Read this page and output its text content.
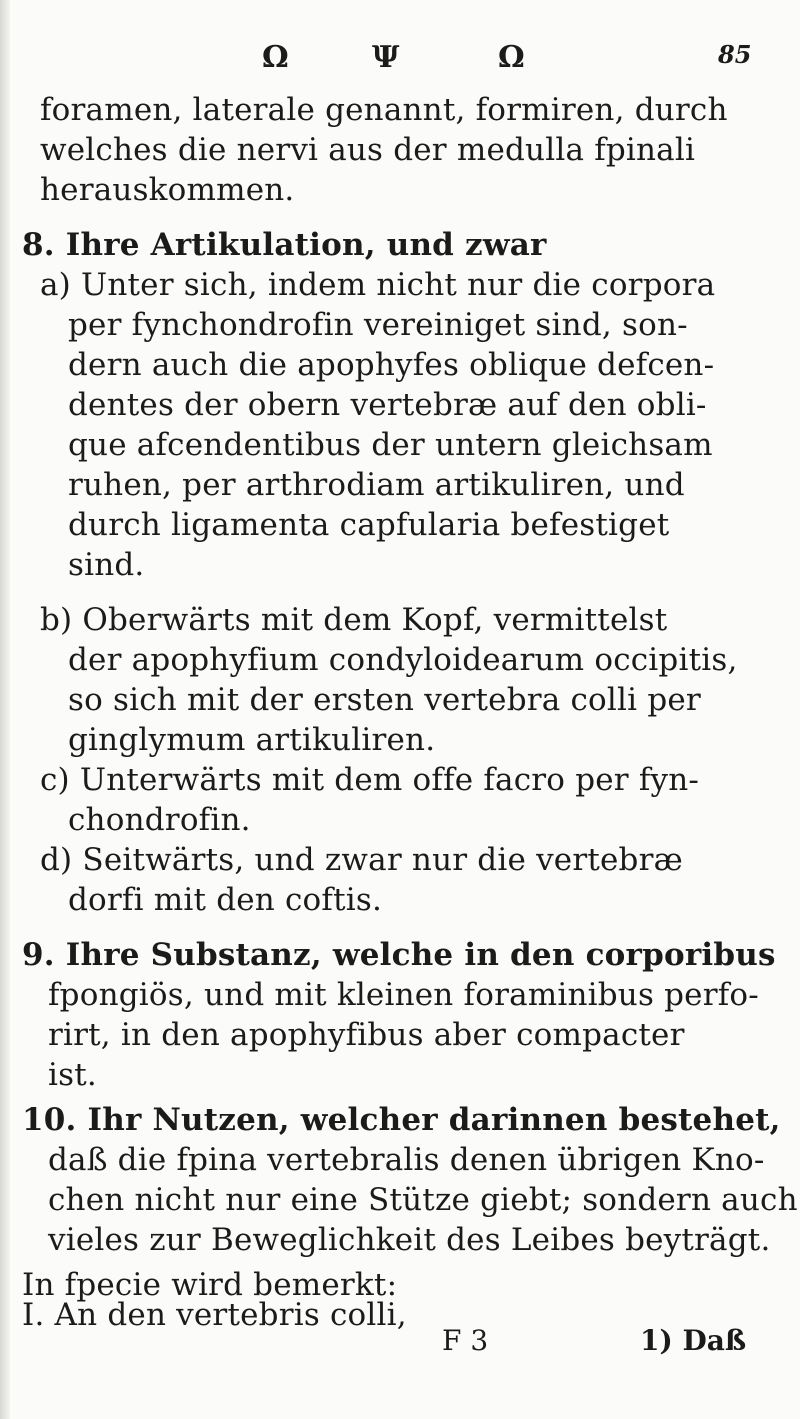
Ω	Ψ	Ω	85
foramen, laterale genannt, formiren, durch
welches die nervi aus der medulla fpinali
herauskommen.
8. Ihre Artikulation, und zwar
a) Unter sich, indem nicht nur die corpora
per fynchondrofin vereiniget sind, son-
dern auch die apophyfes oblique defcen-
dentes der obern vertebræ auf den obli-
que afcendentibus der untern gleichsam
ruhen, per arthrodiam artikuliren, und
durch ligamenta capfularia befestiget
sind.
b) Oberwärts mit dem Kopf, vermittelst
der apophyfium condyloidearum occipitis,
so sich mit der ersten vertebra colli per
ginglymum artikuliren.
c) Unterwärts mit dem offe facro per fyn-
chondrofin.
d) Seitwärts, und zwar nur die vertebræ
dorfi mit den coftis.
9. Ihre Substanz, welche in den corporibus
fpongiös, und mit kleinen foraminibus perfo-
rirt, in den apophyfibus aber compacter
ist.
10. Ihr Nutzen, welcher darinnen bestehet,
daß die fpina vertebralis denen übrigen Kno-
chen nicht nur eine Stütze giebt; sondern auch
vieles zur Beweglichkeit des Leibes beyträgt.
In fpecie wird bemerkt:
I. An den vertebris colli,
F 3	1) Daß
